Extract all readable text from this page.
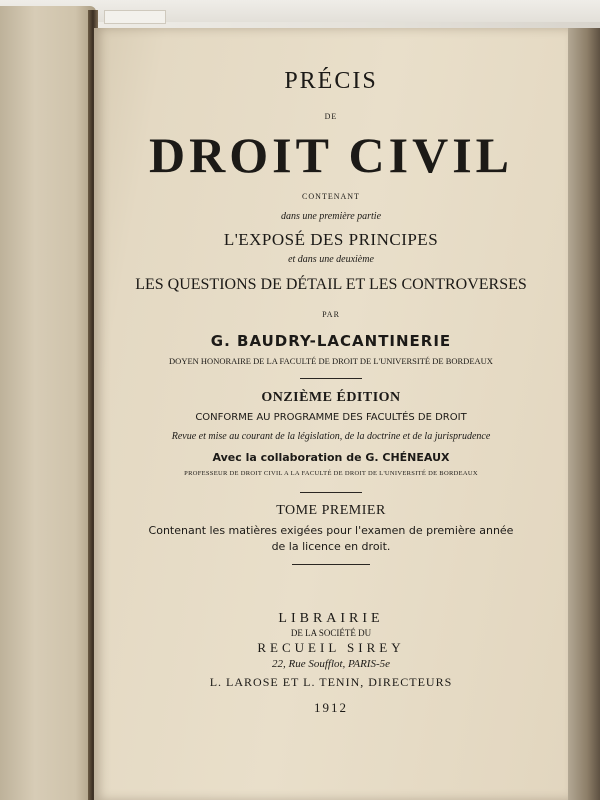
PRÉCIS
DE
DROIT CIVIL
CONTENANT
dans une première partie
L'EXPOSÉ DES PRINCIPES
et dans une deuxième
LES QUESTIONS DE DÉTAIL ET LES CONTROVERSES
PAR
G. BAUDRY-LACANTINERIE
DOYEN HONORAIRE DE LA FACULTÉ DE DROIT DE L'UNIVERSITÉ DE BORDEAUX
ONZIÈME ÉDITION
CONFORME AU PROGRAMME DES FACULTÉS DE DROIT
Revue et mise au courant de la législation, de la doctrine et de la jurisprudence
Avec la collaboration de G. CHÉNEAUX
PROFESSEUR DE DROIT CIVIL A LA FACULTÉ DE DROIT DE L'UNIVERSITÉ DE BORDEAUX
TOME PREMIER
Contenant les matières exigées pour l'examen de première année
de la licence en droit.
LIBRAIRIE
DE LA SOCIÉTÉ DU
RECUEIL SIREY
22, Rue Soufflot, PARIS-5e
L. LAROSE ET L. TENIN, DIRECTEURS
1912
